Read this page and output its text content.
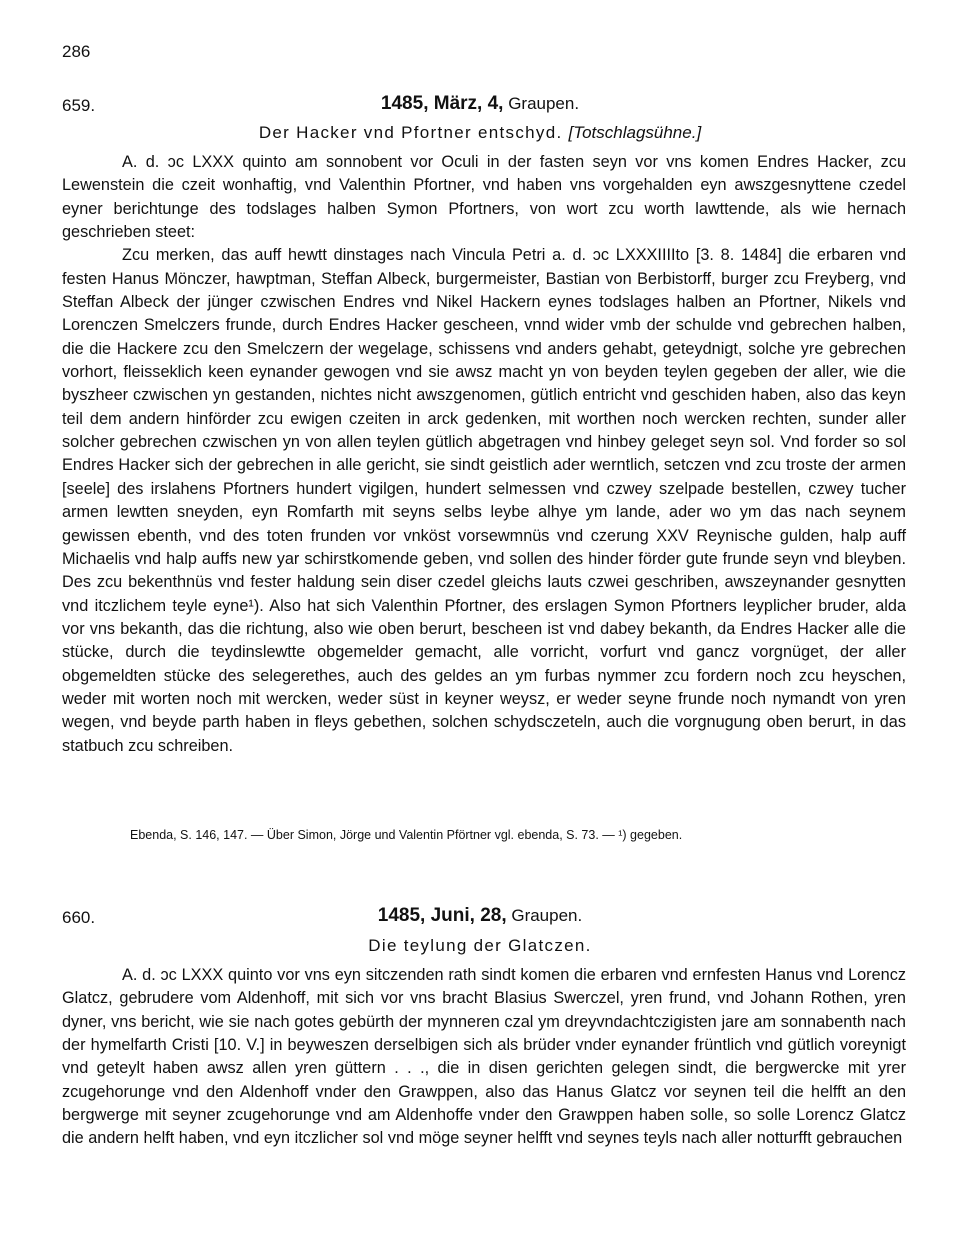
286
659.	1485, März, 4, Graupen.
Der Hacker vnd Pfortner entschyd. [Totschlagsühne.]

A. d. ɔc LXXX quinto am sonnobent vor Oculi in der fasten seyn vor vns komen Endres Hacker, zcu Lewenstein die czeit wonhaftig, vnd Valenthin Pfortner, vnd haben vns vorgehalden eyn awszgesnyttene czedel eyner berichtunge des todslages halben Symon Pfortners, von wort zcu worth lawttende, als wie hernach geschrieben steet:

Zcu merken, das auff hewtt dinstages nach Vincula Petri a. d. ɔc LXXXIIIIto [3. 8. 1484] die erbaren vnd festen Hanus Mönczer, hawptman, Steffan Albeck, burgermeister, Bastian von Berbistorff, burger zcu Freyberg, vnd Steffan Albeck der jünger czwischen Endres vnd Nikel Hackern eynes todslages halben an Pfortner, Nikels vnd Lorenczen Smelczers frunde, durch Endres Hacker gescheen, vnnd wider vmb der schulde vnd gebrechen halben, die die Hackere zcu den Smelczern der wegelage, schissens vnd anders gehabt, geteydnigt, solche yre gebrechen vorhort, fleisseklich keen eynander gewogen vnd sie awsz macht yn von beyden teylen gegeben der aller, wie die byszheer czwischen yn gestanden, nichtes nicht awszgenomen, gütlich entricht vnd geschiden haben, also das keyn teil dem andern hinförder zcu ewigen czeiten in arck gedenken, mit worthen noch wercken rechten, sunder aller solcher gebrechen czwischen yn von allen teylen gütlich abgetragen vnd hinbey geleget seyn sol. Vnd forder so sol Endres Hacker sich der gebrechen in alle gericht, sie sindt geistlich ader werntlich, setczen vnd zcu troste der armen [seele] des irslahens Pfortners hundert vigilgen, hundert selmessen vnd czwey szelpade bestellen, czwey tucher armen lewtten sneyden, eyn Romfarth mit seyns selbs leybe alhye ym lande, ader wo ym das nach seynem gewissen ebenth, vnd des toten frunden vor vnköst vorsewmnüs vnd czerung XXV Reynische gulden, halp auff Michaelis vnd halp auffs new yar schirstkomende geben, vnd sollen des hinder förder gute frunde seyn vnd bleyben. Des zcu bekenthnüs vnd fester haldung sein diser czedel gleichs lauts czwei geschriben, awszeynander gesnytten vnd itczlichem teyle eyne¹). Also hat sich Valenthin Pfortner, des erslagen Symon Pfortners leyplicher bruder, alda vor vns bekanth, das die richtung, also wie oben berurt, bescheen ist vnd dabey bekanth, da Endres Hacker alle die stücke, durch die teydinslewtte obgemelder gemacht, alle vorricht, vorfurt vnd gancz vorgnüget, der aller obgemeldten stücke des selegerethes, auch des geldes an ym furbas nymmer zcu fordern noch zcu heyschen, weder mit worten noch mit wercken, weder süst in keyner weysz, er weder seyne frunde noch nymandt von yren wegen, vnd beyde parth haben in fleys gebethen, solchen schydsczeteln, auch die vorgnugung oben berurt, in das statbuch zcu schreiben.

Ebenda, S. 146, 147. — Über Simon, Jörge und Valentin Pförtner vgl. ebenda, S. 73. — ¹) gegeben.
660.	1485, Juni, 28, Graupen.
Die teylung der Glatczen.

A. d. ɔc LXXX quinto vor vns eyn sitczenden rath sindt komen die erbaren vnd ernfesten Hanus vnd Lorencz Glatcz, gebrudere vom Aldenhoff, mit sich vor vns bracht Blasius Swerczel, yren frund, vnd Johann Rothen, yren dyner, vns bericht, wie sie nach gotes gebürth der mynneren czal ym dreyvndachtczigisten jare am sonnabenth nach der hymelfarth Cristi [10. V.] in beyweszen derselbigen sich als brüder vnder eynander früntlich vnd gütlich voreynigt vnd geteylt haben awsz allen yren güttern . . ., die in disen gerichten gelegen sindt, die bergwercke mit yrer zcugehorunge vnd den Aldenhoff vnder den Grawppen, also das Hanus Glatcz vor seynen teil die helfft an den bergwerge mit seyner zcugehorunge vnd am Aldenhoffe vnder den Grawppen haben solle, so solle Lorencz Glatcz die andern helft haben, vnd eyn itczlicher sol vnd möge seyner helfft vnd seynes teyls nach aller notturfft gebrauchen
